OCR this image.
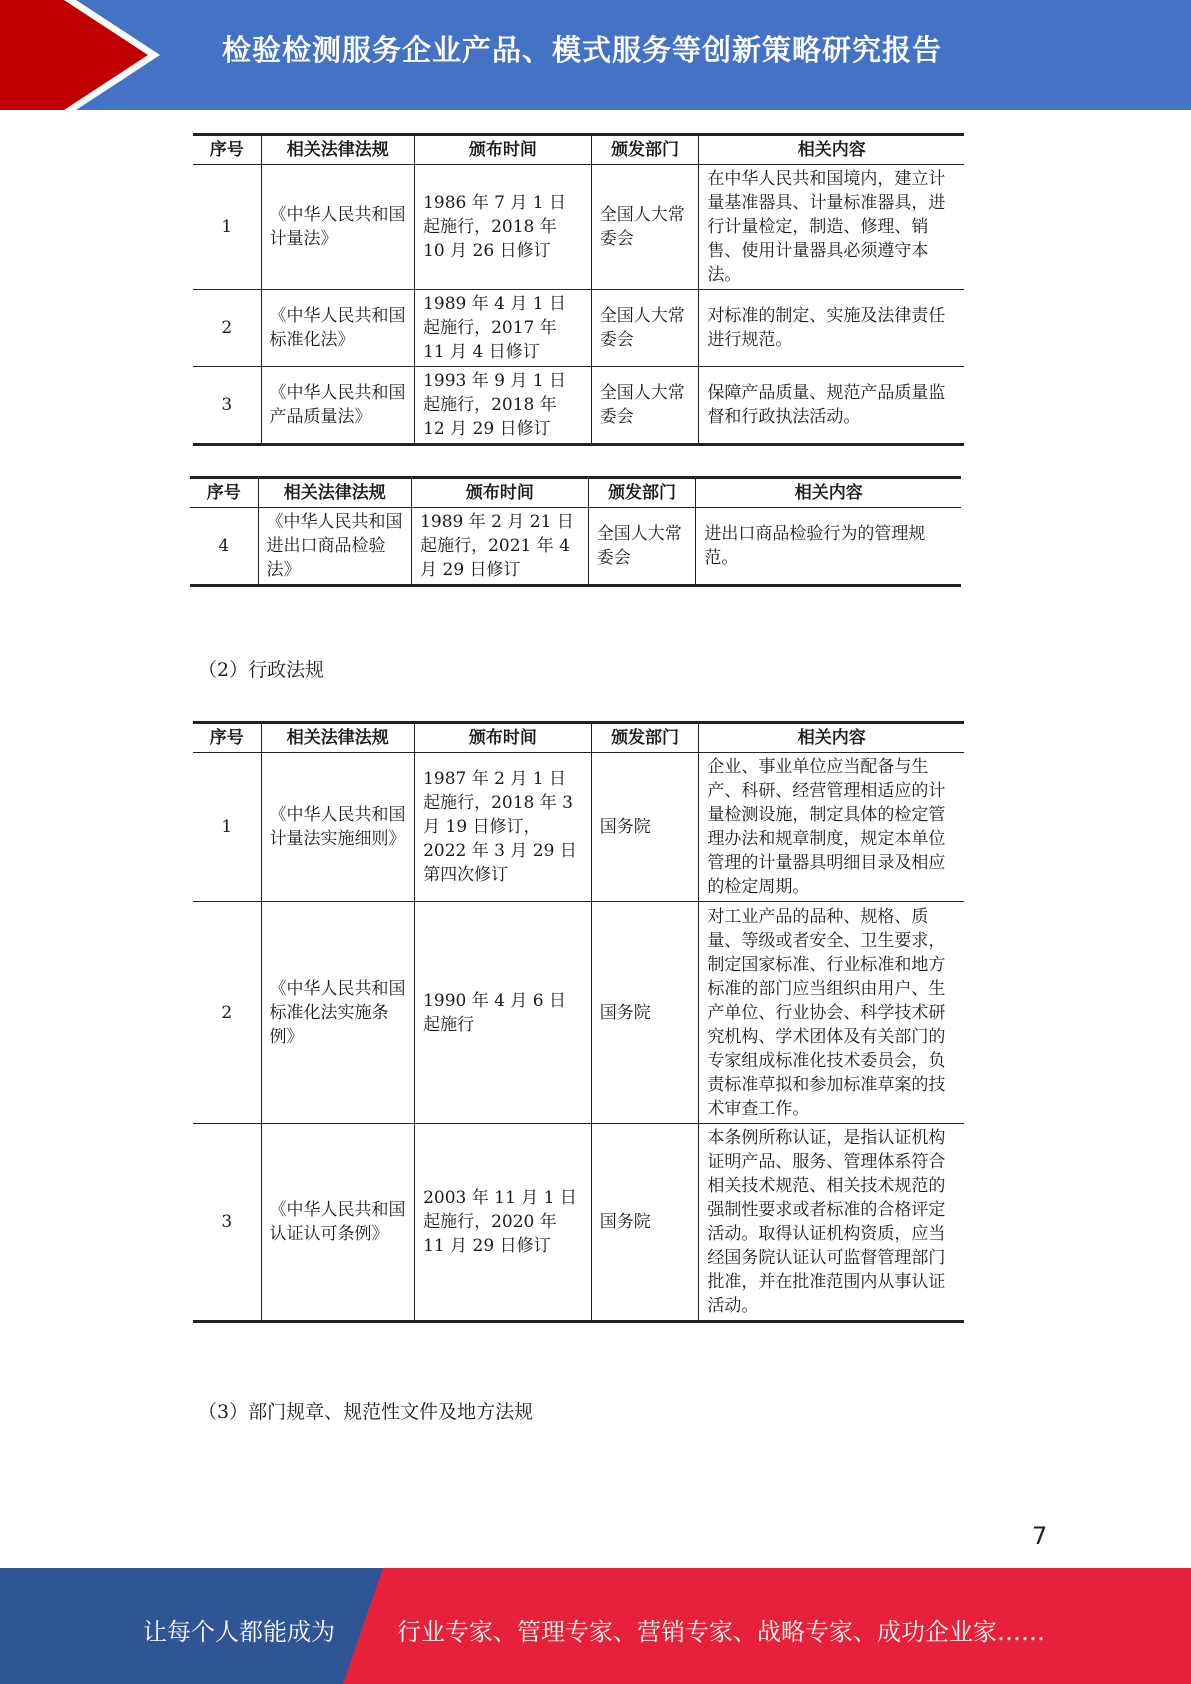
检验检测服务企业产品、模式服务等创新策略研究报告
序号	相关法律法规	颁布时间	颁发部门	相关内容
1	《中华人民共和国计量法》	1986 年 7 月 1 日起施行，2018 年 10 月 26 日修订	全国人大常委会	在中华人民共和国境内，建立计量基准器具、计量标准器具，进行计量检定，制造、修理、销售、使用计量器具必须遵守本法。
2	《中华人民共和国标准化法》	1989 年 4 月 1 日起施行，2017 年 11 月 4 日修订	全国人大常委会	对标准的制定、实施及法律责任进行规范。
3	《中华人民共和国产品质量法》	1993 年 9 月 1 日起施行，2018 年 12 月 29 日修订	全国人大常委会	保障产品质量、规范产品质量监督和行政执法活动。
序号	相关法律法规	颁布时间	颁发部门	相关内容
4	《中华人民共和国进出口商品检验法》	1989 年 2 月 21 日起施行，2021 年 4 月 29 日修订	全国人大常委会	进出口商品检验行为的管理规范。
（2）行政法规
序号	相关法律法规	颁布时间	颁发部门	相关内容
1	《中华人民共和国计量法实施细则》	1987 年 2 月 1 日起施行，2018 年 3 月 19 日修订，2022 年 3 月 29 日第四次修订	国务院	企业、事业单位应当配备与生产、科研、经营管理相适应的计量检测设施，制定具体的检定管理办法和规章制度，规定本单位管理的计量器具明细目录及相应的检定周期。
2	《中华人民共和国标准化法实施条例》	1990 年 4 月 6 日起施行	国务院	对工业产品的品种、规格、质量、等级或者安全、卫生要求，制定国家标准、行业标准和地方标准的部门应当组织由用户、生产单位、行业协会、科学技术研究机构、学术团体及有关部门的专家组成标准化技术委员会，负责标准草拟和参加标准草案的技术审查工作。
3	《中华人民共和国认证认可条例》	2003 年 11 月 1 日起施行，2020 年 11 月 29 日修订	国务院	本条例所称认证，是指认证机构证明产品、服务、管理体系符合相关技术规范、相关技术规范的强制性要求或者标准的合格评定活动。取得认证机构资质，应当经国务院认证认可监督管理部门批准，并在批准范围内从事认证活动。
（3）部门规章、规范性文件及地方法规
7
让每个人都能成为	行业专家、管理专家、营销专家、战略专家、成功企业家……
